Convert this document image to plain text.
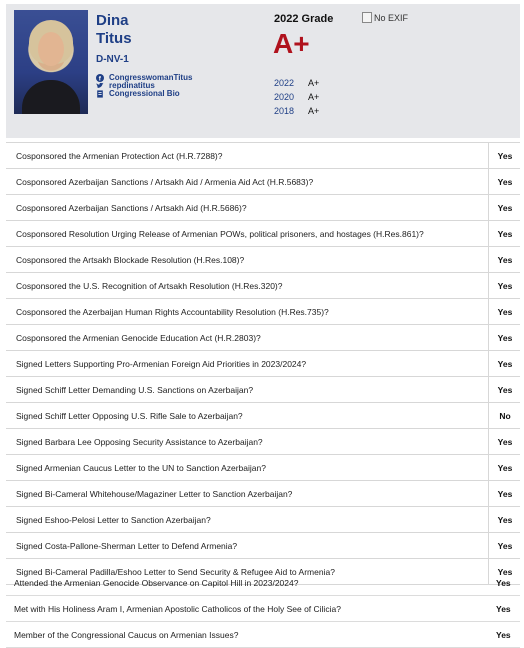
Dina
Titus
D-NV-1
f CongresswomanTitus
repdinatitus
Congressional Bio
2022 Grade
A+
2022	A+
2020	A+
2018	A+
No EXIF
Cosponsored the Armenian Protection Act (H.R.7288)?	Yes
Cosponsored Azerbaijan Sanctions / Artsakh Aid / Armenia Aid Act (H.R.5683)?	Yes
Cosponsored Azerbaijan Sanctions / Artsakh Aid (H.R.5686)?	Yes
Cosponsored Resolution Urging Release of Armenian POWs, political prisoners, and hostages (H.Res.861)?	Yes
Cosponsored the Artsakh Blockade Resolution (H.Res.108)?	Yes
Cosponsored the U.S. Recognition of Artsakh Resolution (H.Res.320)?	Yes
Cosponsored the Azerbaijan Human Rights Accountability Resolution (H.Res.735)?	Yes
Cosponsored the Armenian Genocide Education Act (H.R.2803)?	Yes
Signed Letters Supporting Pro-Armenian Foreign Aid Priorities in 2023/2024?	Yes
Signed Schiff Letter Demanding U.S. Sanctions on Azerbaijan?	Yes
Signed Schiff Letter Opposing U.S. Rifle Sale to Azerbaijan?	No
Signed Barbara Lee Opposing Security Assistance to Azerbaijan?	Yes
Signed Armenian Caucus Letter to the UN to Sanction Azerbaijan?	Yes
Signed Bi-Cameral Whitehouse/Magaziner Letter to Sanction Azerbaijan?	Yes
Signed Eshoo-Pelosi Letter to Sanction Azerbaijan?	Yes
Signed Costa-Pallone-Sherman Letter to Defend Armenia?	Yes
Signed Bi-Cameral Padilla/Eshoo Letter to Send Security & Refugee Aid to Armenia?	Yes
Attended the Armenian Genocide Observance on Capitol Hill in 2023/2024?	Yes
Met with His Holiness Aram I, Armenian Apostolic Catholicos of the Holy See of Cilicia?	Yes
Member of the Congressional Caucus on Armenian Issues?	Yes
